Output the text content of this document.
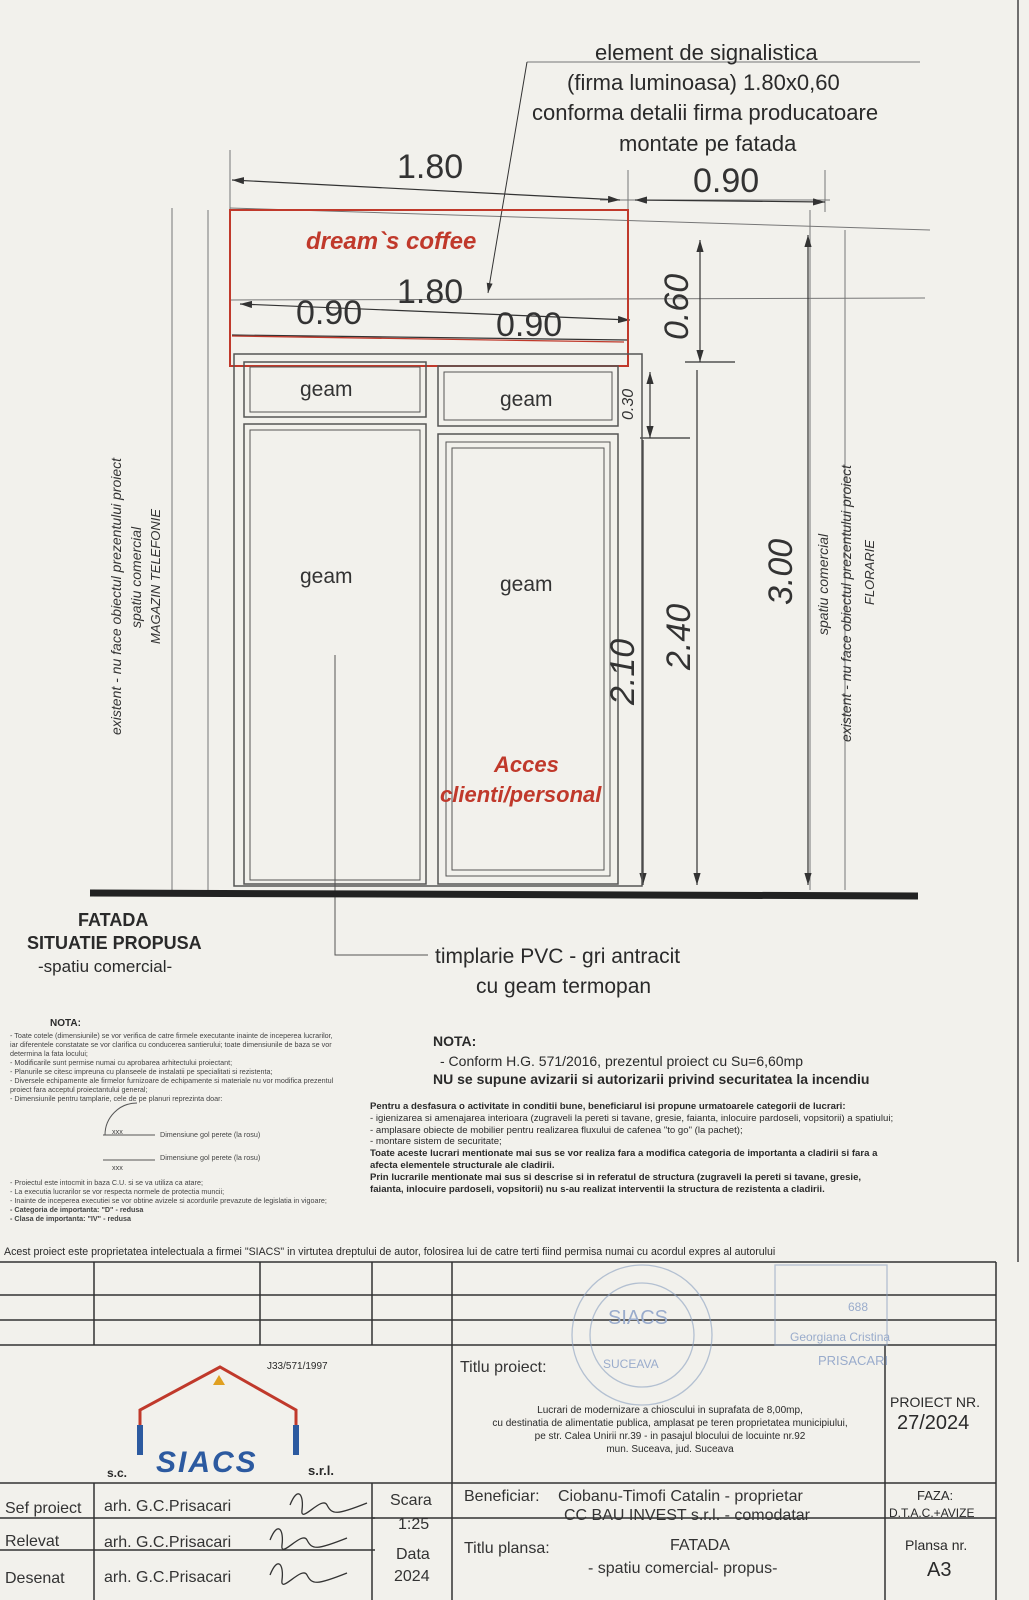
element de signalistica
(firma luminoasa) 1.80x0,60
conforma detalii firma producatoare
montate pe fatada
1.80	0.90
dream`s coffee
1.80
0.90	0.90	0.60
0.30
2.10
2.40
3.00
geam	geam
geam	geam
Acces
clienti/personal
existent - nu face obiectul prezentului proiect spatiu comercial MAGAZIN TELEFONIE	existent - nu face obiectul prezentului proiect
spatiu comercial FLORARIE
FATADA
SITUATIE PROPUSA
-spatiu comercial-	timplarie PVC - gri antracit
cu geam termopan
NOTA:
- Toate cotele (dimensiunile) se vor verifica de catre firmele executante inainte de inceperea lucrarilor,
iar diferentele constatate se vor clarifica cu conducerea santierului; toate dimensiunile de baza se vor
determina la fata locului;
- Modificarile sunt permise numai cu aprobarea arhitectului proiectant;
- Planurile se citesc impreuna cu planseele de instalatii pe specialitati si rezistenta;
- Diversele echipamente ale firmelor furnizoare de echipamente si materiale nu vor modifica prezentul
proiect fara acceptul proiectantului general;
- Dimensiunile pentru tamplarie, cele de pe planuri reprezinta doar:
xxx	Dimensiune gol perete (la rosu)
xxx
Dimensiune gol perete (la rosu)
- Proiectul este intocmit in baza C.U. si se va utiliza ca atare;
- La executia lucrarilor se vor respecta normele de protectia muncii;
- Inainte de inceperea executiei se vor obtine avizele si acordurile prevazute de legislatia in vigoare;
- Categoria de importanta: "D" - redusa
- Clasa de importanta: "IV" - redusa
NOTA:
- Conform H.G. 571/2016, prezentul proiect cu Su=6,60mp
NU se supune avizarii si autorizarii privind securitatea la incendiu
Pentru a desfasura o activitate in conditii bune, beneficiarul isi propune urmatoarele categorii de lucrari:
- igienizarea si amenajarea interioara (zugraveli la pereti si tavane, gresie, faianta, inlocuire pardoseli, vopsitorii) a spatiului;
- amplasare obiecte de mobilier pentru realizarea fluxului de cafenea "to go" (la pachet);
- montare sistem de securitate;
Toate aceste lucrari mentionate mai sus se vor realiza fara a modifica categoria de importanta a cladirii si fara a
afecta elementele structurale ale cladirii.
Prin lucrarile mentionate mai sus si descrise si in referatul de structura (zugraveli la pereti si tavane, gresie,
faianta, inlocuire pardoseli, vopsitorii) nu s-au realizat interventii la structura de rezistenta a cladirii.
Acest proiect este proprietatea intelectuala a firmei "SIACS" in virtutea dreptului de autor, folosirea lui de catre terti fiind permisa numai cu acordul expres al autorului
J33/571/1997
s.c. SIACS	s.r.l.
SIACS
SUCEAVA
Georgiana Cristina
PRISACARI
688
Titlu proiect:
Lucrari de modernizare a chioscului in suprafata de 8,00mp,
cu destinatia de alimentatie publica, amplasat pe teren proprietatea municipiului,
pe str. Calea Unirii nr.39 - in pasajul blocului de locuinte nr.92
mun. Suceava, jud. Suceava
PROIECT NR.
27/2024
Sef proiect arh. G.C.Prisacari
Relevat	arh. G.C.Prisacari
Desenat arh. G.C.Prisacari
Scara
1:25
Data
2024
Beneficiar: Ciobanu-Timofi Catalin - proprietar
CC BAU INVEST s.r.l. - comodatar
FAZA:
D.T.A.C.+AVIZE
Titlu plansa:	FATADA
- spatiu comercial- propus-
Plansa nr.
A3
